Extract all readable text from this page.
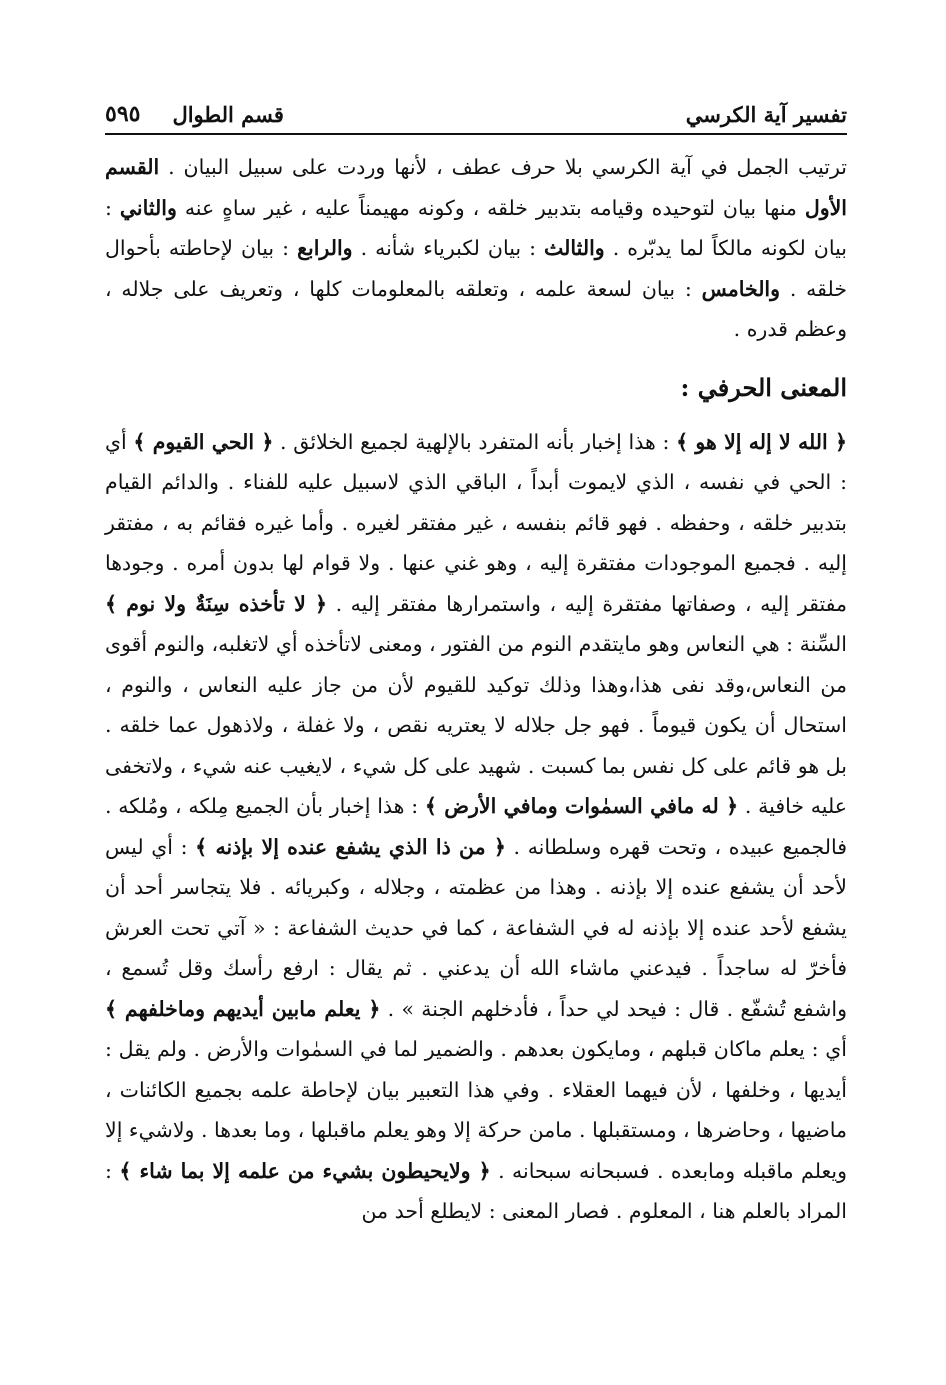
تفسير آية الكرسي
قسم الطوال
٥٩٥

ترتيب الجمل في آية الكرسي بلا حرف عطف ، لأنها وردت على سبيل البيان . القسم الأول منها بيان لتوحيده وقيامه بتدبير خلقه ، وكونه مهيمناً عليه ، غير ساهٍ عنه والثاني : بيان لكونه مالكاً لما يدبّره . والثالث : بيان لكبرياء شأنه . والرابع : بيان لإحاطته بأحوال خلقه . والخامس : بيان لسعة علمه ، وتعلقه بالمعلومات كلها ، وتعريف على جلاله ، وعظم قدره .

المعنى الحرفي :

﴿ الله لا إله إلا هو ﴾ : هذا إخبار بأنه المتفرد بالإلهية لجميع الخلائق . ﴿ الحي القيوم ﴾ أي : الحي في نفسه ، الذي لايموت أبداً ، الباقي الذي لاسبيل عليه للفناء . والدائم القيام بتدبير خلقه ، وحفظه . فهو قائم بنفسه ، غير مفتقر لغيره . وأما غيره فقائم به ، مفتقر إليه . فجميع الموجودات مفتقرة إليه ، وهو غني عنها . ولا قوام لها بدون أمره . وجودها مفتقر إليه ، وصفاتها مفتقرة إليه ، واستمرارها مفتقر إليه . ﴿ لا تأخذه سِنَةٌ ولا نوم ﴾ السِّنة : هي النعاس وهو مايتقدم النوم من الفتور ، ومعنى لاتأخذه أي لاتغلبه، والنوم أقوى من النعاس،وقد نفى هذا،وهذا وذلك توكيد للقيوم لأن من جاز عليه النعاس ، والنوم ، استحال أن يكون قيوماً . فهو جل جلاله لا يعتريه نقص ، ولا غفلة ، ولاذهول عما خلقه . بل هو قائم على كل نفس بما كسبت . شهيد على كل شيء ، لايغيب عنه شيء ، ولاتخفى عليه خافية . ﴿ له مافي السمٰوات ومافي الأرض ﴾ : هذا إخبار بأن الجميع مِلكه ، ومُلكه . فالجميع عبيده ، وتحت قهره وسلطانه . ﴿ من ذا الذي يشفع عنده إلا بإذنه ﴾ : أي ليس لأحد أن يشفع عنده إلا بإذنه . وهذا من عظمته ، وجلاله ، وكبريائه . فلا يتجاسر أحد أن يشفع لأحد عنده إلا بإذنه له في الشفاعة ، كما في حديث الشفاعة : « آتي تحت العرش فأخرّ له ساجداً . فيدعني ماشاء الله أن يدعني . ثم يقال : ارفع رأسك وقل تُسمع ، واشفع تُشفّع . قال : فيحد لي حداً ، فأدخلهم الجنة » . ﴿ يعلم مابين أيديهم وماخلفهم ﴾ أي : يعلم ماكان قبلهم ، ومايكون بعدهم . والضمير لما في السمٰوات والأرض . ولم يقل : أيديها ، وخلفها ، لأن فيهما العقلاء . وفي هذا التعبير بيان لإحاطة علمه بجميع الكائنات ، ماضيها ، وحاضرها ، ومستقبلها . مامن حركة إلا وهو يعلم ماقبلها ، وما بعدها . ولاشيء إلا ويعلم ماقبله ومابعده . فسبحانه سبحانه . ﴿ ولايحيطون بشيء من علمه إلا بما شاء ﴾ : المراد بالعلم هنا ، المعلوم . فصار المعنى : لايطلع أحد من
